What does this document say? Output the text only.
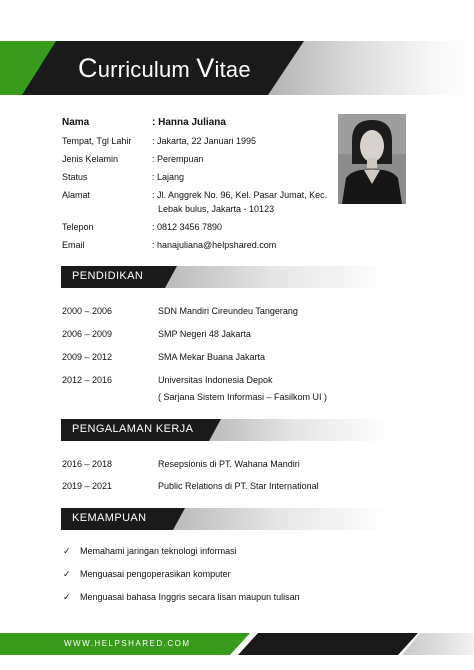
Curriculum Vitae
Nama	: Hanna Juliana
Tempat, Tgl Lahir : Jakarta, 22 Januari 1995
Jenis Kelamin	: Perempuan
Status	: Lajang
Alamat	: Jl. Anggrek No. 96, Kel. Pasar Jumat, Kec.
Lebak bulus, Jakarta - 10123
Telepon	: 0812 3456 7890
Email	: hanajuliana@helpshared.com
PENDIDIKAN
2000 – 2006	SDN Mandiri Cireundeu Tangerang
2006 – 2009	SMP Negeri 48 Jakarta
2009 – 2012	SMA Mekar Buana Jakarta
2012 – 2016	Universitas Indonesia Depok
( Sarjana Sistem Informasi – Fasilkom UI )
PENGALAMAN KERJA
2016 – 2018	Resepsionis di PT. Wahana Mandiri
2019 – 2021	Public Relations di PT. Star International
KEMAMPUAN
✓ Memahami jaringan teknologi informasi
✓ Menguasai pengoperasikan komputer
✓ Menguasai bahasa Inggris secara lisan maupun tulisan
WWW.HELPSHARED.COM
